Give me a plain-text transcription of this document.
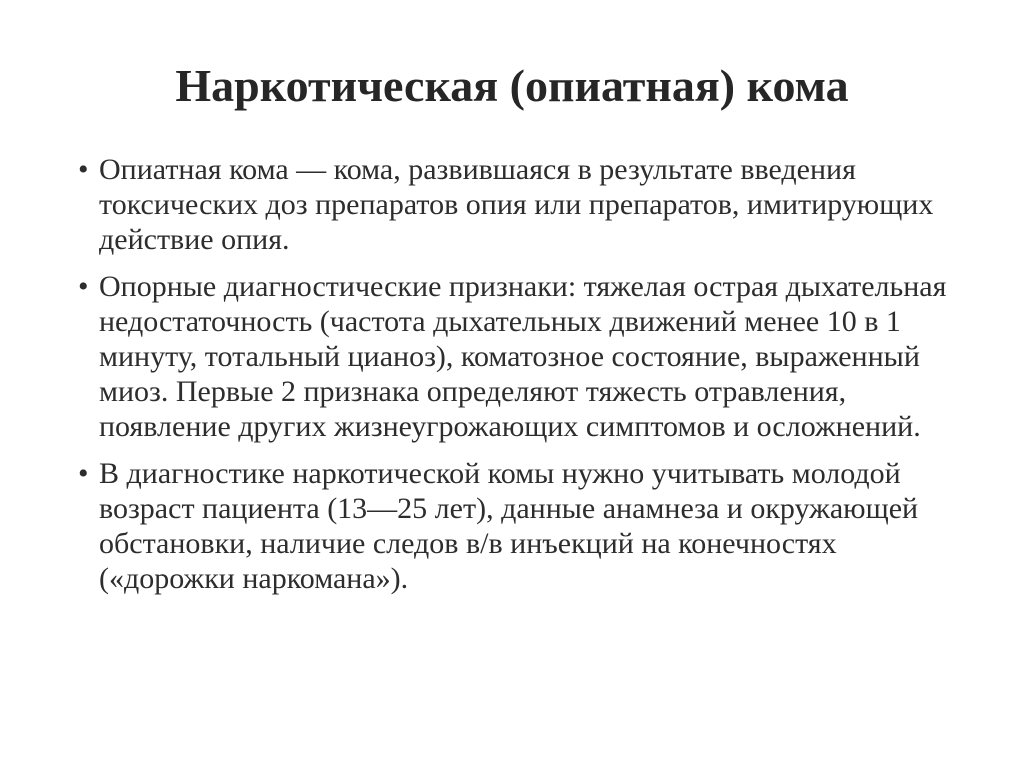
Наркотическая (опиатная) кома
• Опиатная кома — кома, развившаяся в результате введения токсических доз препаратов опия или препаратов, имитирующих действие опия.
• Опорные диагностические признаки: тяжелая острая дыхательная недостаточность (частота дыхательных движений менее 10 в 1 минуту, тотальный цианоз), коматозное состояние, выраженный миоз. Первые 2 признака определяют тяжесть отравления, появление других жизнеугрожающих симптомов и осложнений.
• В диагностике наркотической комы нужно учитывать молодой возраст пациента (13—25 лет), данные анамнеза и окружающей обстановки, наличие следов в/в инъекций на конечностях («дорожки наркомана»).
